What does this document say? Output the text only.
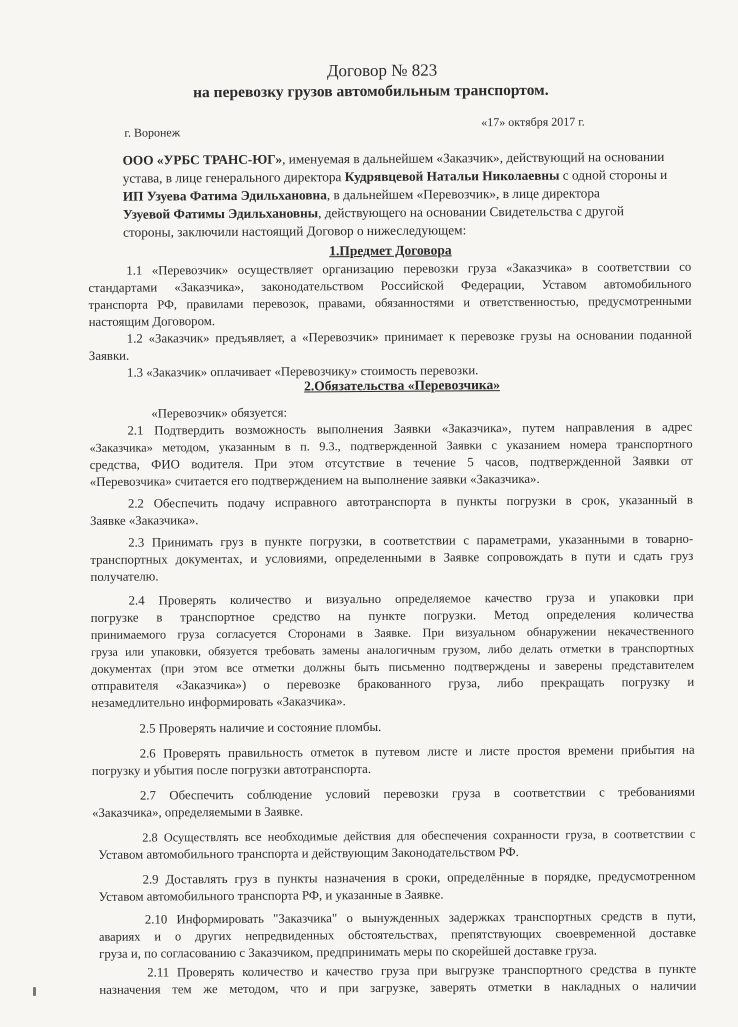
Договор № 823
на перевозку грузов автомобильным транспортом.
г. Воронеж
«17» октября 2017 г.
ООО «УРБС ТРАНС-ЮГ», именуемая в дальнейшем «Заказчик», действующий на основании
устава, в лице генерального директора Кудрявцевой Натальи Николаевны с одной стороны и
ИП Узуева Фатима Эдильхановна, в дальнейшем «Перевозчик», в лице директора
Узуевой Фатимы Эдильхановны, действующего на основании Свидетельства с другой
стороны, заключили настоящий Договор о нижеследующем:
1.Предмет Договора
1.1 «Перевозчик» осуществляет организацию перевозки груза «Заказчика» в соответствии со
стандартами «Заказчика», законодательством Российской Федерации, Уставом автомобильного
транспорта РФ, правилами перевозок, правами, обязанностями и ответственностью, предусмотренными
настоящим Договором.
1.2 «Заказчик» предъявляет, а «Перевозчик» принимает к перевозке грузы на основании поданной
Заявки.
1.3 «Заказчик» оплачивает «Перевозчику» стоимость перевозки.
2.Обязательства «Перевозчика»
«Перевозчик» обязуется:
2.1 Подтвердить возможность выполнения Заявки «Заказчика», путем направления в адрес
«Заказчика» методом, указанным в п. 9.3., подтвержденной Заявки с указанием номера транспортного
средства, ФИО водителя. При этом отсутствие в течение 5 часов, подтвержденной Заявки от
«Перевозчика» считается его подтверждением на выполнение заявки «Заказчика».
2.2 Обеспечить подачу исправного автотранспорта в пункты погрузки в срок, указанный в
Заявке «Заказчика».
2.3 Принимать груз в пункте погрузки, в соответствии с параметрами, указанными в товарно-
транспортных документах, и условиями, определенными в Заявке сопровождать в пути и сдать груз
получателю.
2.4 Проверять количество и визуально определяемое качество груза и упаковки при
погрузке в транспортное средство на пункте погрузки. Метод определения количества
принимаемого груза согласуется Сторонами в Заявке. При визуальном обнаружении некачественного
груза или упаковки, обязуется требовать замены аналогичным грузом, либо делать отметки в транспортных
документах (при этом все отметки должны быть письменно подтверждены и заверены представителем
отправителя «Заказчика») о перевозке бракованного груза, либо прекращать погрузку и
незамедлительно информировать «Заказчика».
2.5 Проверять наличие и состояние пломбы.
2.6 Проверять правильность отметок в путевом листе и листе простоя времени прибытия на
погрузку и убытия после погрузки автотранспорта.
2.7 Обеспечить соблюдение условий перевозки груза в соответствии с требованиями
«Заказчика», определяемыми в Заявке.
2.8 Осуществлять все необходимые действия для обеспечения сохранности груза, в соответствии с
Уставом автомобильного транспорта и действующим Законодательством РФ.
2.9 Доставлять груз в пункты назначения в сроки, определённые в порядке, предусмотренном
Уставом автомобильного транспорта РФ, и указанные в Заявке.
2.10 Информировать "Заказчика" о вынужденных задержках транспортных средств в пути,
авариях и о других непредвиденных обстоятельствах, препятствующих своевременной доставке
груза и, по согласованию с Заказчиком, предпринимать меры по скорейшей доставке груза.
2.11 Проверять количество и качество груза при выгрузке транспортного средства в пункте
назначения тем же методом, что и при загрузке, заверять отметки в накладных о наличии
